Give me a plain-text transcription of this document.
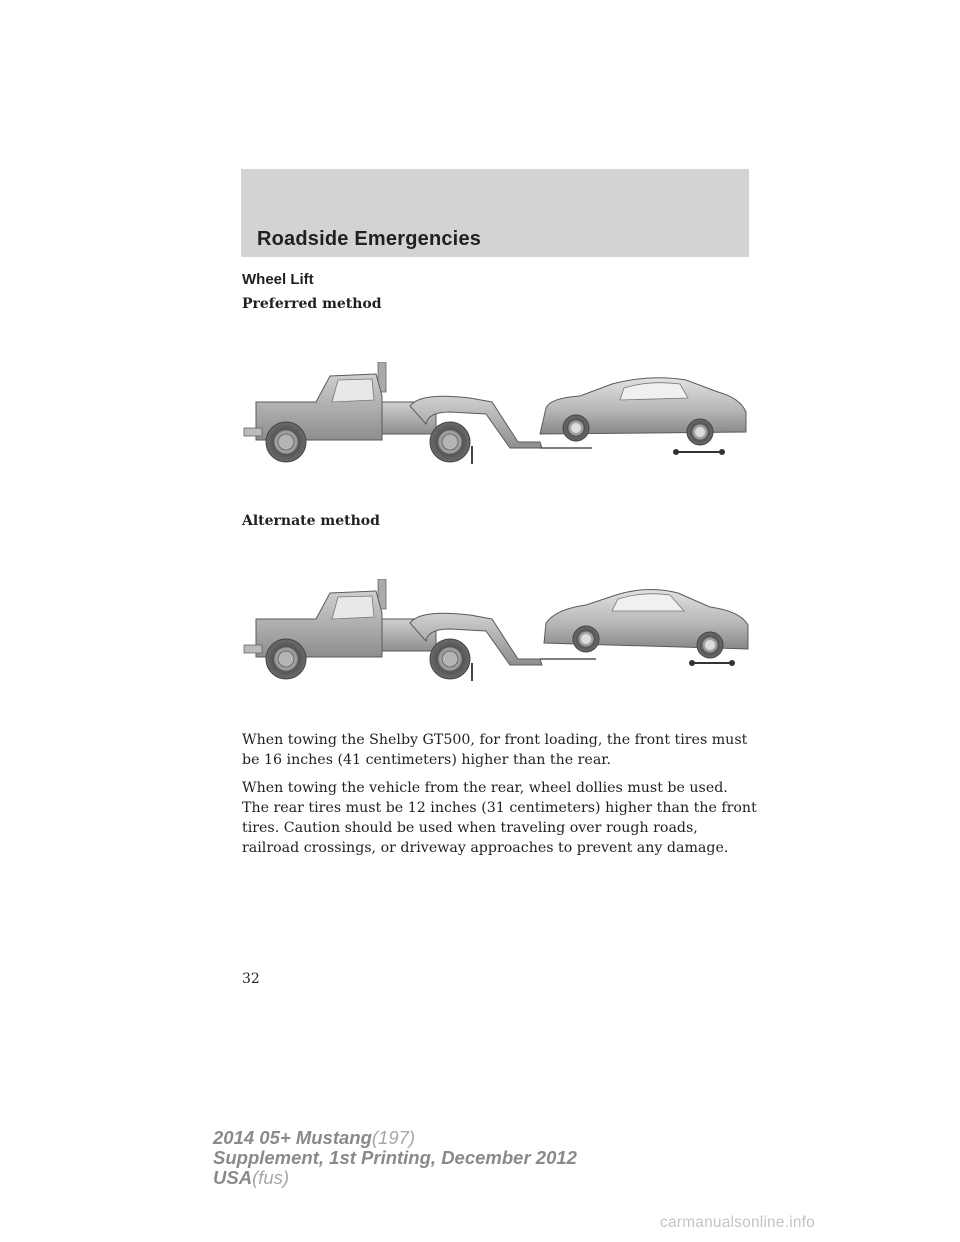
Roadside Emergencies
Wheel Lift
Preferred method
Alternate method

When towing the Shelby GT500, for front loading, the front tires must be 16 inches (41 centimeters) higher than the rear.

When towing the vehicle from the rear, wheel dollies must be used. The rear tires must be 12 inches (31 centimeters) higher than the front tires. Caution should be used when traveling over rough roads, railroad crossings, or driveway approaches to prevent any damage.

32
2014 05+ Mustang(197)
Supplement, 1st Printing, December 2012
USA(fus)
carmanualsonline.info
